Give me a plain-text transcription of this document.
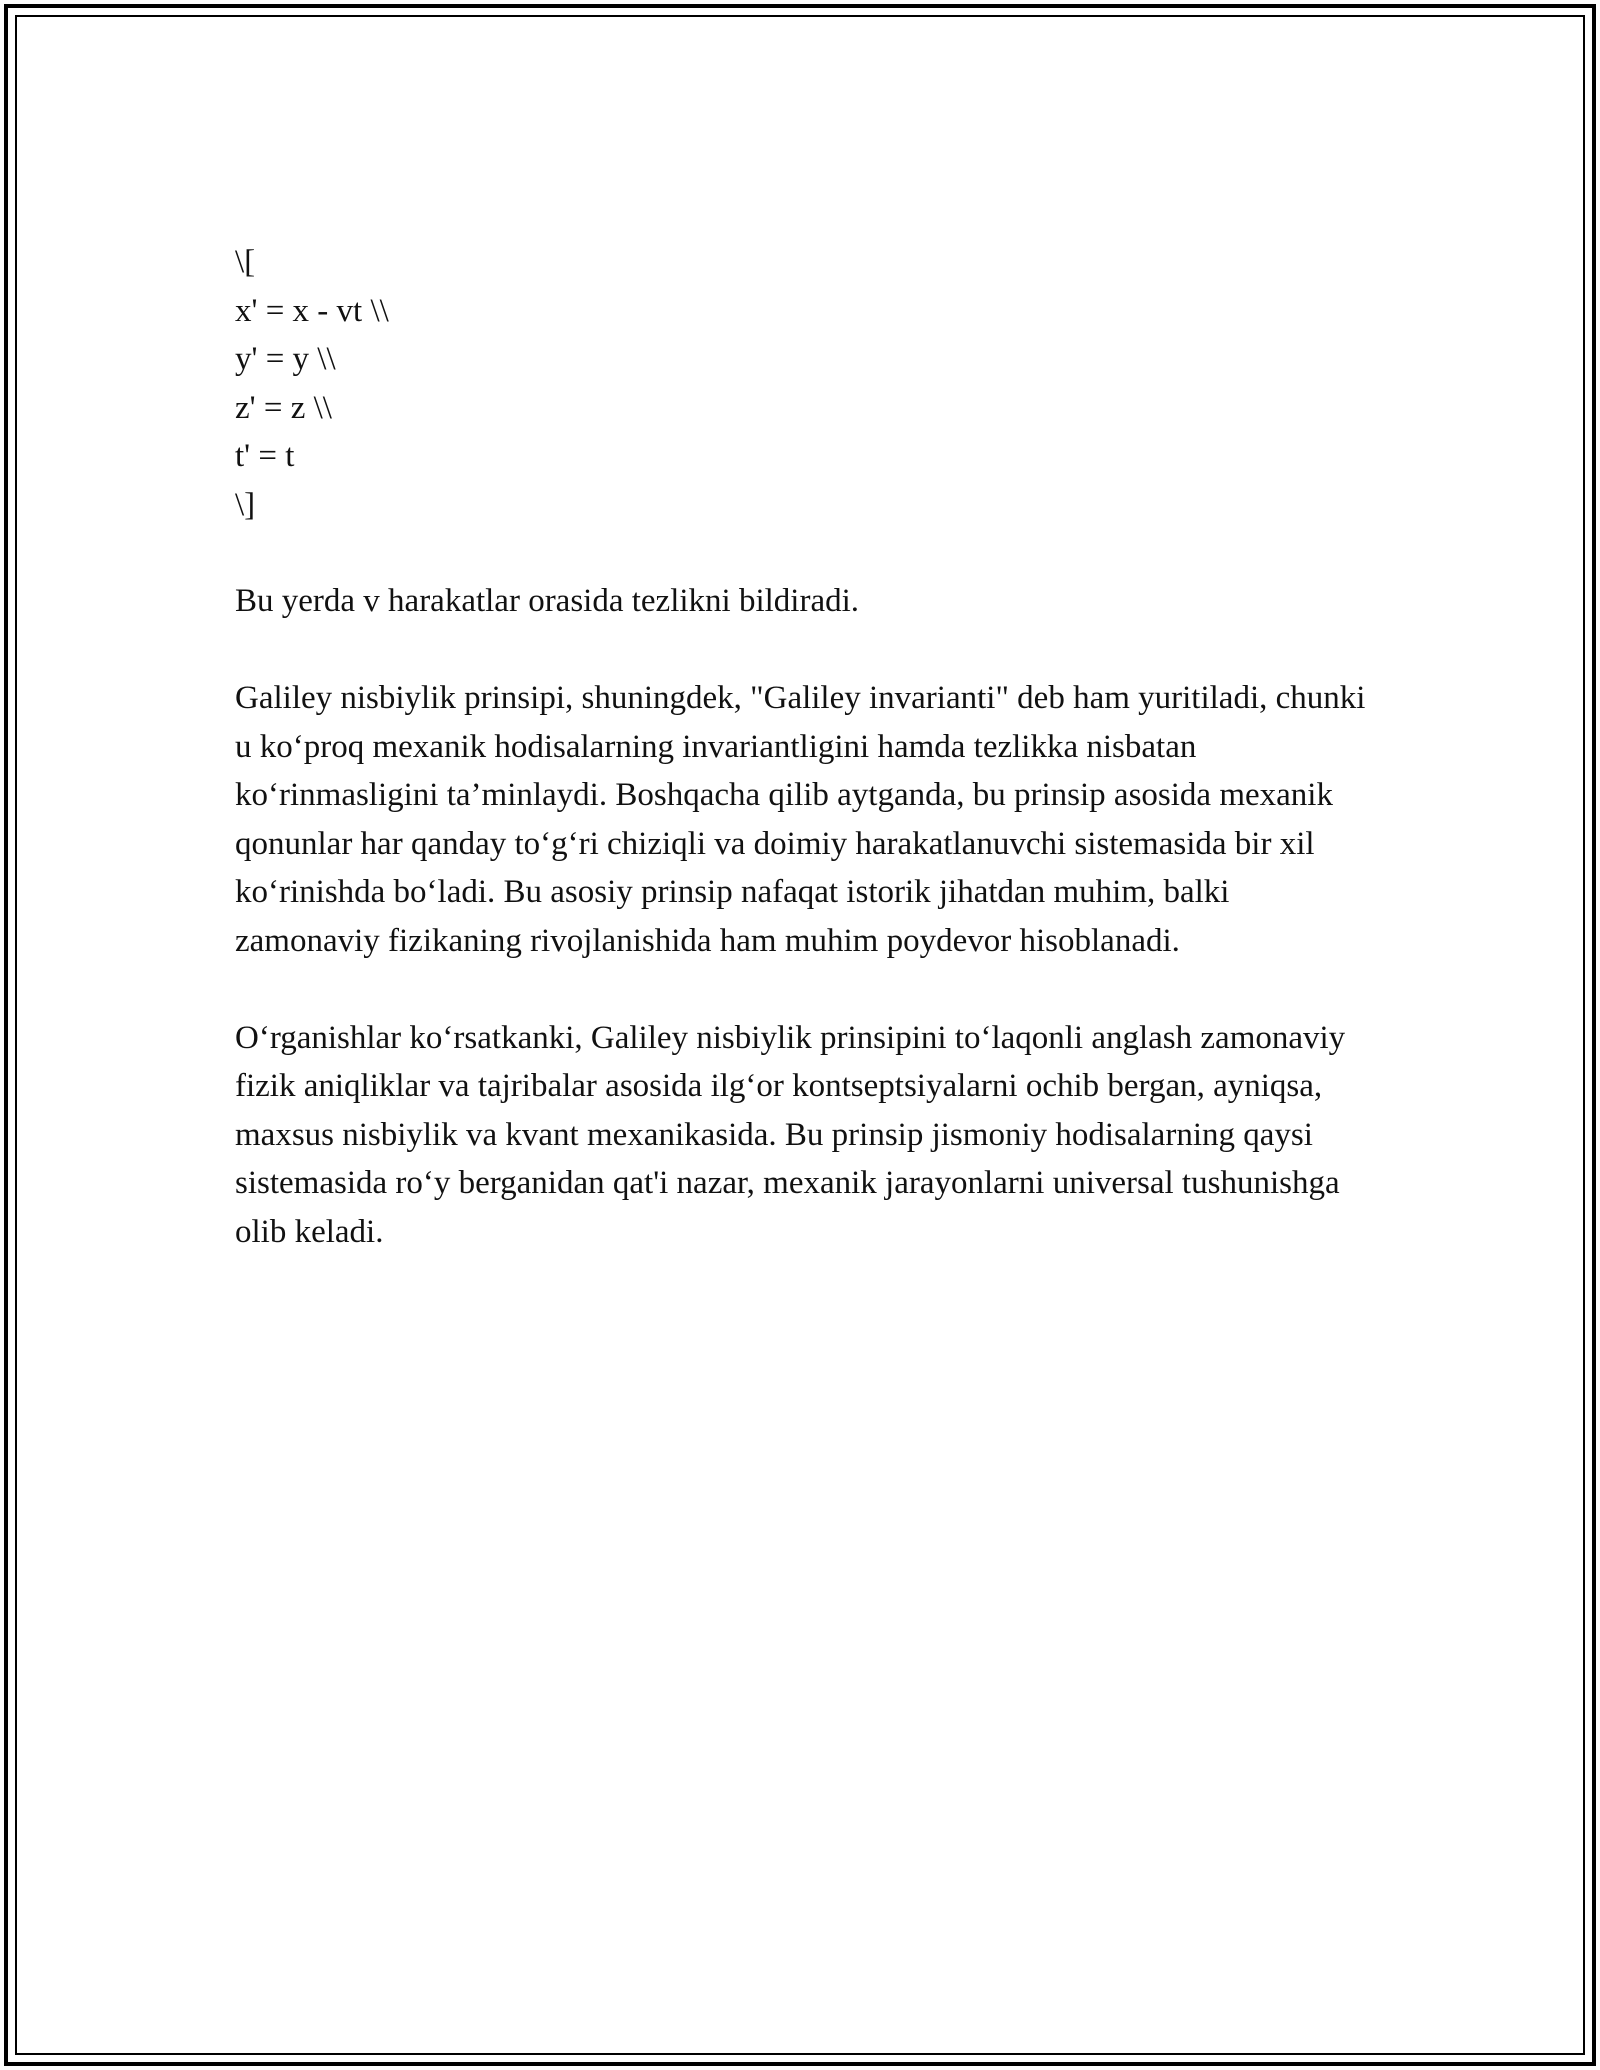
\[
x' = x - vt \\
y' = y \\
z' = z \\
t' = t
\]

Bu yerda v harakatlar orasida tezlikni bildiradi.

Galiley nisbiylik prinsipi, shuningdek, "Galiley invarianti" deb ham yuritiladi, chunki u ko‘proq mexanik hodisalarning invariantligini hamda tezlikka nisbatan ko‘rinmasligini ta’minlaydi. Boshqacha qilib aytganda, bu prinsip asosida mexanik qonunlar har qanday to‘g‘ri chiziqli va doimiy harakatlanuvchi sistemasida bir xil ko‘rinishda bo‘ladi. Bu asosiy prinsip nafaqat istorik jihatdan muhim, balki zamonaviy fizikaning rivojlanishida ham muhim poydevor hisoblanadi.

O‘rganishlar ko‘rsatkanki, Galiley nisbiylik prinsipini to‘laqonli anglash zamonaviy fizik aniqliklar va tajribalar asosida ilg‘or kontseptsiyalarni ochib bergan, ayniqsa, maxsus nisbiylik va kvant mexanikasida. Bu prinsip jismoniy hodisalarning qaysi sistemasida ro‘y berganidan qat'i nazar, mexanik jarayonlarni universal tushunishga olib keladi.
